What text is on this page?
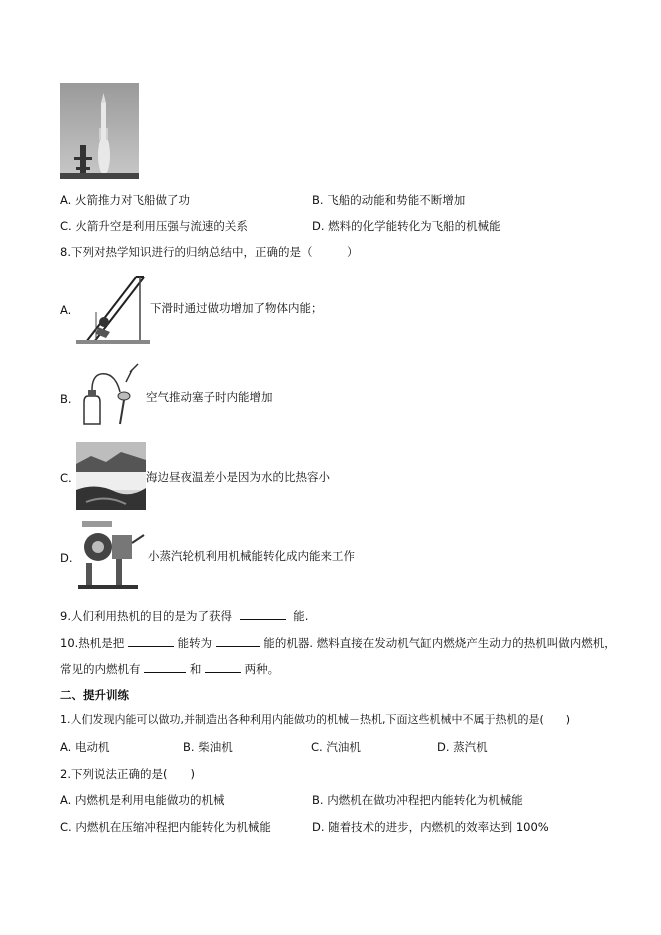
A. 火箭推力对飞船做了功	B. 飞船的动能和势能不断增加
C. 火箭升空是利用压强与流速的关系	D. 燃料的化学能转化为飞船的机械能
8.下列对热学知识进行的归纳总结中，正确的是（　　　）
A.	下滑时通过做功增加了物体内能；
B.	空气推动塞子时内能增加
C.	海边昼夜温差小是因为水的比热容小
D.	小蒸汽轮机利用机械能转化成内能来工作
9.人们利用热机的目的是为了获得	能.
10.热机是把	能转为	能的机器. 燃料直接在发动机气缸内燃烧产生动力的热机叫做内燃机，
常见的内燃机有	和	两种。
二、提升训练
1.人们发现内能可以做功,并制造出各种利用内能做功的机械－热机,下面这些机械中不属于热机的是(　　)
A. 电动机	B. 柴油机	C. 汽油机	D. 蒸汽机
2.下列说法正确的是(　　)
A. 内燃机是利用电能做功的机械	B. 内燃机在做功冲程把内能转化为机械能
C. 内燃机在压缩冲程把内能转化为机械能	D. 随着技术的进步，内燃机的效率达到 100%
